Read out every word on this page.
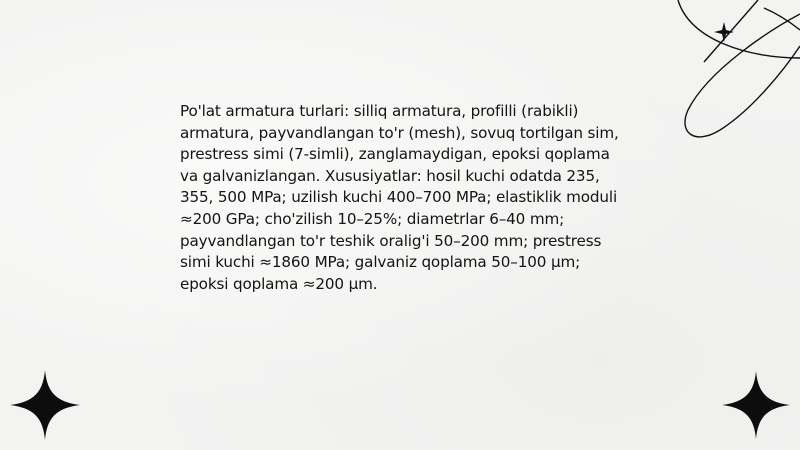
Po'lat armatura turlari: silliq armatura, profilli (rabikli) armatura, payvandlangan to'r (mesh), sovuq tortilgan sim, prestress simi (7-simli), zanglamaydigan, epoksi qoplama va galvanizlangan. Xususiyatlar: hosil kuchi odatda 235, 355, 500 MPa; uzilish kuchi 400–700 MPa; elastiklik moduli ≈200 GPa; cho'zilish 10–25%; diametrlar 6–40 mm; payvandlangan to'r teshik oralig'i 50–200 mm; prestress simi kuchi ≈1860 MPa; galvaniz qoplama 50–100 µm; epoksi qoplama ≈200 µm.
